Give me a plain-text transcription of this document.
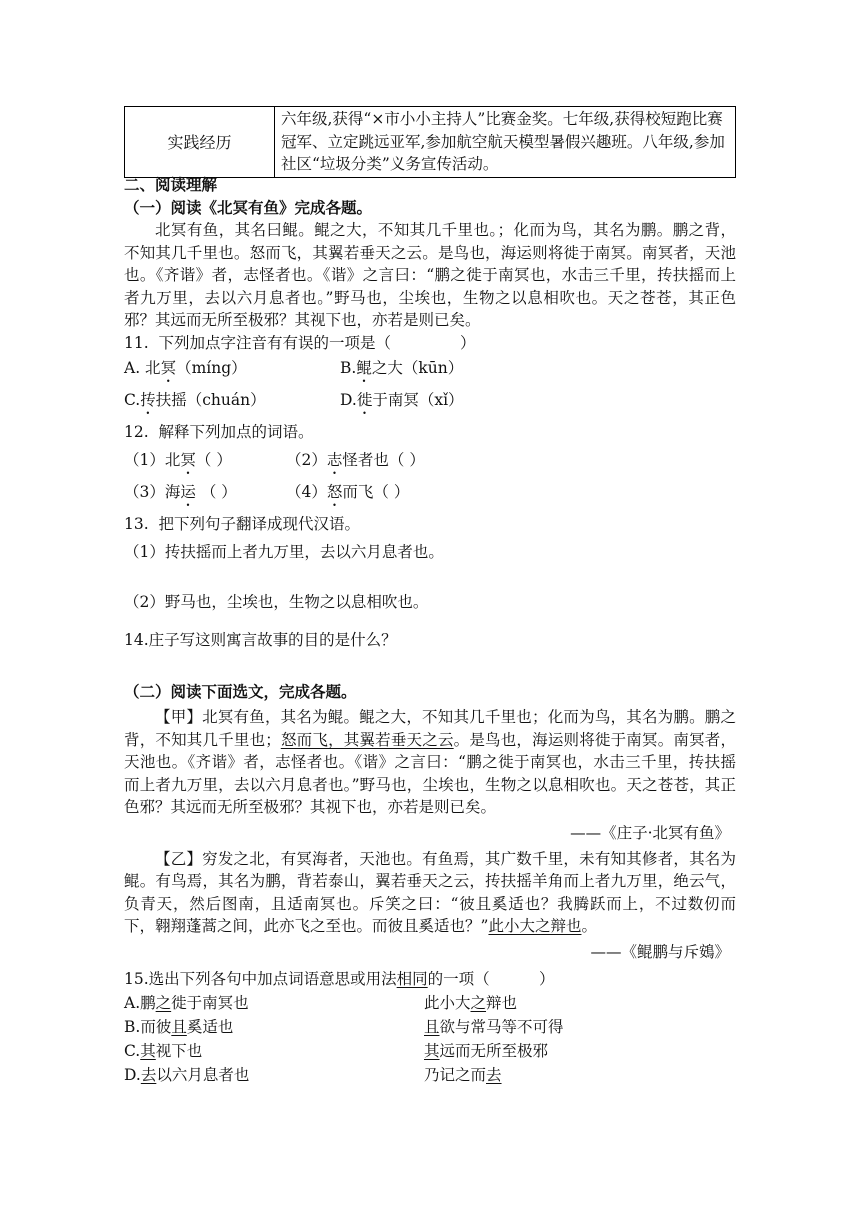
实践经历	六年级,获得“×市小小主持人”比赛金奖。七年级,获得校短跑比赛冠军、立定跳远亚军,参加航空航天模型暑假兴趣班。八年级,参加社区“垃圾分类”义务宣传活动。
二、阅读理解
（一）阅读《北冥有鱼》完成各题。
北冥有鱼，其名曰鲲。鲲之大，不知其几千里也。；化而为鸟，其名为鹏。鹏之背，不知其几千里也。怒而飞，其翼若垂天之云。是鸟也，海运则将徙于南冥。南冥者，天池也。《齐谐》者，志怪者也。《谐》之言曰：“鹏之徙于南冥也，水击三千里，抟扶摇而上者九万里，去以六月息者也。”野马也，尘埃也，生物之以息相吹也。天之苍苍，其正色邪？其远而无所至极邪？其视下也，亦若是则已矣。
11.  下列加点字注音有有误的一项是（              ）
A. 北冥（míng）	B.鲲之大（kūn）
C.抟扶摇（chuán）	D.徙于南冥（xǐ）
12.  解释下列加点的词语。
（1）北冥（ ）	（2）志怪者也（ ）
（3）海运 （ ）	（4）怒而飞（ ）
13.  把下列句子翻译成现代汉语。
（1）抟扶摇而上者九万里，去以六月息者也。
（2）野马也，尘埃也，生物之以息相吹也。
14.庄子写这则寓言故事的目的是什么？
（二）阅读下面选文，完成各题。
【甲】北冥有鱼，其名为鲲。鲲之大，不知其几千里也；化而为鸟，其名为鹏。鹏之背，不知其几千里也；怒而飞，其翼若垂天之云。是鸟也，海运则将徙于南冥。南冥者，天池也。《齐谐》者，志怪者也。《谐》之言曰：“鹏之徙于南冥也，水击三千里，抟扶摇而上者九万里，去以六月息者也。”野马也，尘埃也，生物之以息相吹也。天之苍苍，其正色邪？其远而无所至极邪？其视下也，亦若是则已矣。
——《庄子·北冥有鱼》
【乙】穷发之北，有冥海者，天池也。有鱼焉，其广数千里，未有知其修者，其名为鲲。有鸟焉，其名为鹏，背若泰山，翼若垂天之云，抟扶摇羊角而上者九万里，绝云气，负青天，然后图南，且适南冥也。斥笑之曰：“彼且奚适也？我腾跃而上，不过数仞而下，翱翔蓬蒿之间，此亦飞之至也。而彼且奚适也？”此小大之辩也。
——《鲲鹏与斥鴳》
15.选出下列各句中加点词语意思或用法相同的一项（          ）
A.鹏之徙于南冥也	此小大之辩也
B.而彼且奚适也	且欲与常马等不可得
C.其视下也	其远而无所至极邪
D.去以六月息者也	乃记之而去
